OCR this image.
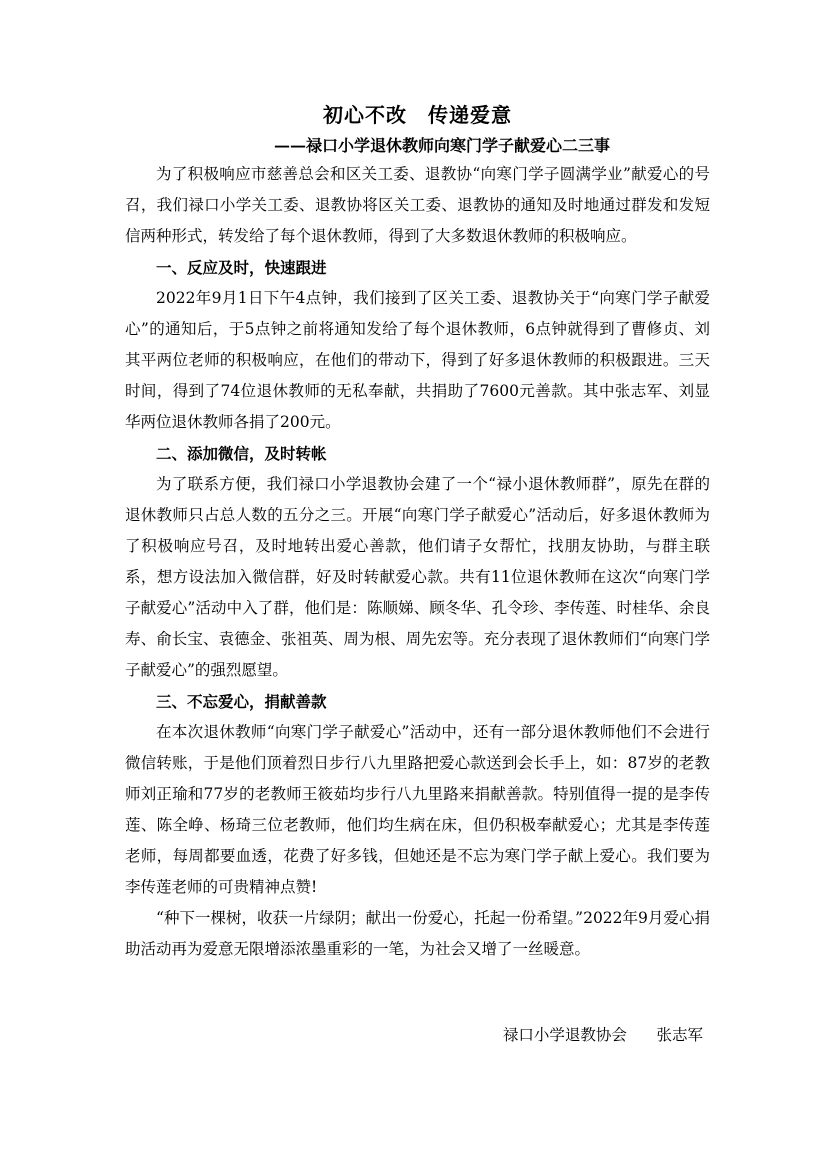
初心不改　传递爱意
——禄口小学退休教师向寒门学子献爱心二三事

为了积极响应市慈善总会和区关工委、退教协“向寒门学子圆满学业”献爱心的号召，我们禄口小学关工委、退教协将区关工委、退教协的通知及时地通过群发和发短信两种形式，转发给了每个退休教师，得到了大多数退休教师的积极响应。

一、反应及时，快速跟进

2022年9月1日下午4点钟，我们接到了区关工委、退教协关于“向寒门学子献爱心”的通知后，于5点钟之前将通知发给了每个退休教师，6点钟就得到了曹修贞、刘其平两位老师的积极响应，在他们的带动下，得到了好多退休教师的积极跟进。三天时间，得到了74位退休教师的无私奉献，共捐助了7600元善款。其中张志军、刘显华两位退休教师各捐了200元。

二、添加微信，及时转帐

为了联系方便，我们禄口小学退教协会建了一个“禄小退休教师群”，原先在群的退休教师只占总人数的五分之三。开展“向寒门学子献爱心”活动后，好多退休教师为了积极响应号召，及时地转出爱心善款，他们请子女帮忙，找朋友协助，与群主联系，想方设法加入微信群，好及时转献爱心款。共有11位退休教师在这次“向寒门学子献爱心”活动中入了群，他们是：陈顺娣、顾冬华、孔令珍、李传莲、时桂华、余良寿、俞长宝、袁德金、张祖英、周为根、周先宏等。充分表现了退休教师们“向寒门学子献爱心”的强烈愿望。

三、不忘爱心，捐献善款

在本次退休教师“向寒门学子献爱心”活动中，还有一部分退休教师他们不会进行微信转账，于是他们顶着烈日步行八九里路把爱心款送到会长手上，如：87岁的老教师刘正瑜和77岁的老教师王筱茹均步行八九里路来捐献善款。特别值得一提的是李传莲、陈全峥、杨琦三位老教师，他们均生病在床，但仍积极奉献爱心；尤其是李传莲老师，每周都要血透，花费了好多钱，但她还是不忘为寒门学子献上爱心。我们要为李传莲老师的可贵精神点赞!

“种下一棵树，收获一片绿阴；献出一份爱心，托起一份希望。”2022年9月爱心捐助活动再为爱意无限增添浓墨重彩的一笔，为社会又增了一丝暖意。

禄口小学退教协会 张志军
